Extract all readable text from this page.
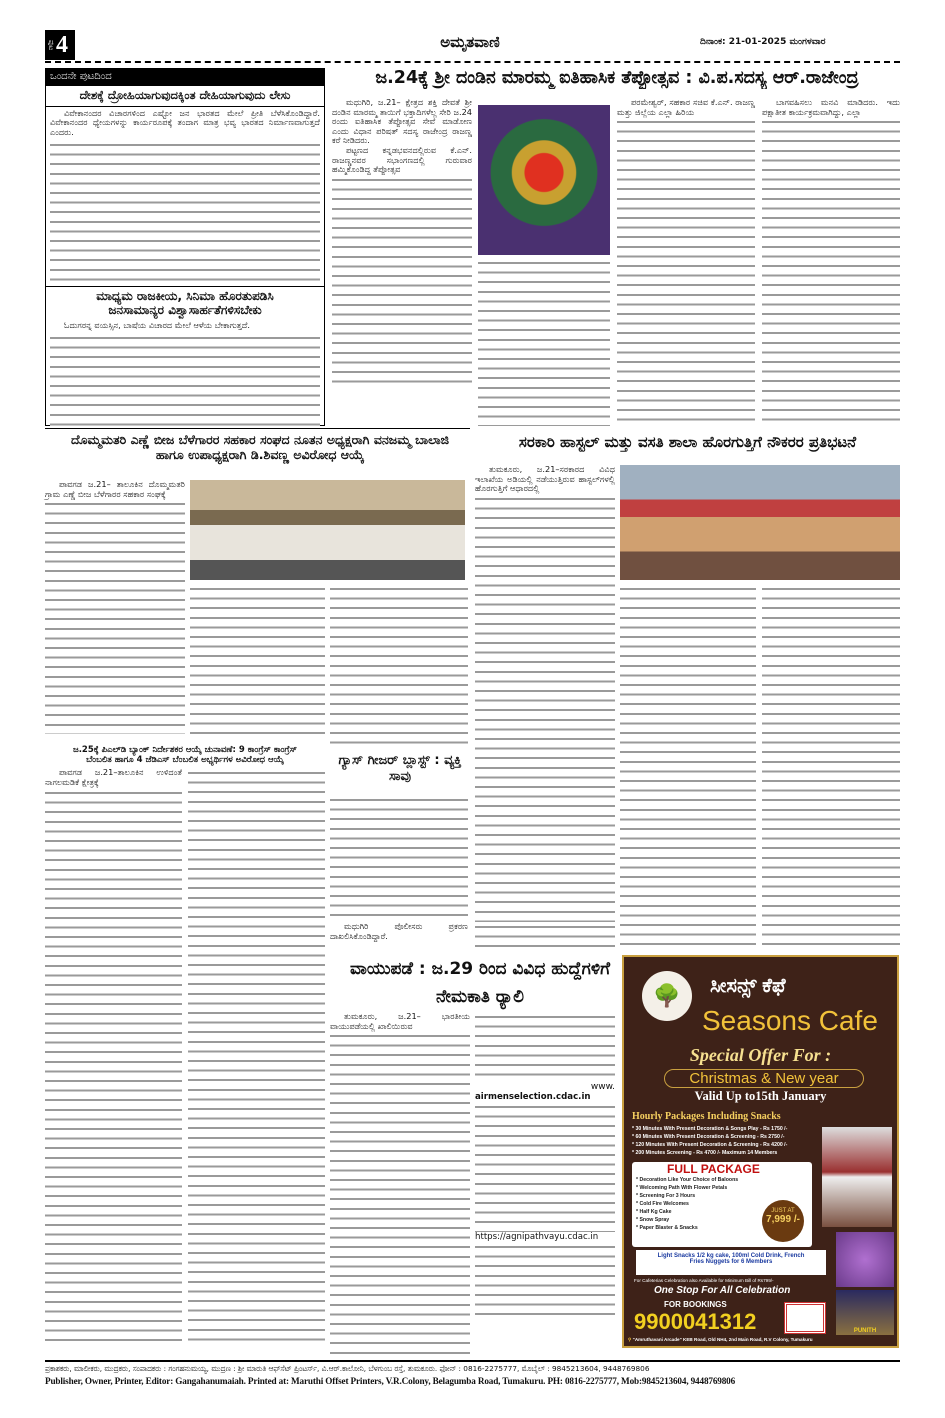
ಪುಟ 4	ಅಮೃತವಾಣಿ	ದಿನಾಂಕ: 21-01-2025 ಮಂಗಳವಾರ
ಒಂದನೇ ಪುಟದಿಂದ
ದೇಶಕ್ಕೆ ದ್ರೋಹಿಯಾಗುವುದಕ್ಕಿಂತ ದೇಹಿಯಾಗುವುದು ಲೇಸು
ವಿವೇಕಾನಂದರ ವಿಚಾರಗಳಿಂದ ಎಷ್ಟೋ ಜನ ಭಾರತದ ಮೇಲೆ ಪ್ರೀತಿ ಬೆಳೆಸಿಕೊಂಡಿದ್ದಾರೆ. ವಿವೇಕಾನಂದರ ಧ್ಯೇಯಗಳನ್ನು ಕಾರ್ಯರೂಪಕ್ಕೆ ತಂದಾಗ ಮಾತ್ರ ಭವ್ಯ ಭಾರತದ ನಿರ್ಮಾಣವಾಗುತ್ತದೆ ಎಂದರು.
ಮಾಧ್ಯಮ ರಾಜಕೀಯ, ಸಿನಿಮಾ ಹೊರತುಪಡಿಸಿ ಜನಸಾಮಾನ್ಯರ ವಿಶ್ವಾಸಾರ್ಹತೆಗಳಿಸಬೇಕು
ಓದುಗರನ್ನ ವಯಸ್ಸಿನ, ಬಾಷೆಯ ವಿಚಾರದ ಮೇಲೆ ಆಳೆಯ ಬೇಕಾಗುತ್ತದೆ.
ಜ.24ಕ್ಕೆ ಶ್ರೀ ದಂಡಿನ ಮಾರಮ್ಮ ಐತಿಹಾಸಿಕ ತೆಪ್ಪೋತ್ಸವ : ವಿ.ಪ.ಸದಸ್ಯ ಆರ್.ರಾಜೇಂದ್ರ
ಮಧುಗಿರಿ, ಜ.21– ಕ್ಷೇತ್ರದ ಶಕ್ತಿ ದೇವತೆ ಶ್ರೀ ದಂಡಿನ ಮಾರಮ್ಮ ತಾಯಿಗೆ ಭಕ್ತಾದಿಗಳೆಲ್ಲ ಸೇರಿ ಜ.24 ರಂದು ಐತಿಹಾಸಿಕ ತೆಪ್ಪೋತ್ಸವ ಸೇವೆ ಮಾಡೋಣ ಎಂದು ವಿಧಾನ ಪರಿಷತ್ ಸದಸ್ಯ ರಾಜೇಂದ್ರ ರಾಜಣ್ಣ ಕರೆ ನೀಡಿದರು.
ಪಟ್ಟಣದ ಕನ್ನಡಭವನದಲ್ಲಿರುವ ಕೆ.ಎನ್. ರಾಜಣ್ಣನವರ ಸಭಾಂಗಣದಲ್ಲಿ ಗುರುವಾರ ಹಮ್ಮಿಕೊಂಡಿದ್ದ ತೆಪ್ಪೋತ್ಸವ
ಪರಮೇಶ್ವರ್, ಸಹಕಾರ ಸಚಿವ ಕೆ.ಎನ್. ರಾಜಣ್ಣ ಮತ್ತು ಜಿಲ್ಲೆಯ ಎಲ್ಲಾ ಹಿರಿಯ
ಬಾಗವಹಿಸಲು ಮನವಿ ಮಾಡಿದರು. ಇದು ಪಕ್ಷಾತೀತ ಕಾರ್ಯಕ್ರಮವಾಗಿದ್ದು, ಎಲ್ಲಾ
ದೊಮ್ಮಮತರಿ ಎಣ್ಣೆ ಬೀಜ ಬೆಳೆಗಾರರ ಸಹಕಾರ ಸಂಘದ ನೂತನ ಅಧ್ಯಕ್ಷರಾಗಿ ವನಜಮ್ಮ ಬಾಲಾಜಿ ಹಾಗೂ ಉಪಾಧ್ಯಕ್ಷರಾಗಿ ಡಿ.ಶಿವಣ್ಣ ಅವಿರೋಧ ಆಯ್ಕೆ
ಪಾವಗಡ ಜ.21– ತಾಲೂಕಿನ ದೊಮ್ಮಮತರಿ ಗ್ರಾಮ ಎಣ್ಣೆ ಬೀಜ ಬೆಳೆಗಾರರ ಸಹಕಾರ ಸಂಘಕ್ಕೆ
ಸರಕಾರಿ ಹಾಸ್ಟಲ್ ಮತ್ತು ವಸತಿ ಶಾಲಾ ಹೊರಗುತ್ತಿಗೆ ನೌಕರರ ಪ್ರತಿಭಟನೆ
ತುಮಕೂರು, ಜ.21–ಸರಕಾರದ ವಿವಿಧ ಇಲಾಖೆಯ ಅಡಿಯಲ್ಲಿ ನಡೆಯುತ್ತಿರುವ ಹಾಸ್ಟಲ್‌ಗಳಲ್ಲಿ ಹೊರಗುತ್ತಿಗೆ ಆಧಾರದಲ್ಲಿ
ಜ.25ಕ್ಕೆ ಪಿಎಲ್‌ಡಿ ಬ್ಯಾಂಕ್ ನಿರ್ದೇಶಕರ ಆಯ್ಕೆ ಚುನಾವಣೆ: 9 ಕಾಂಗ್ರೆಸ್ ಕಾಂಗ್ರೆಸ್
ಬೆಂಬಲಿತ ಹಾಗೂ 4 ಜೆಡಿಎಸ್ ಬೆಂಬಲಿತ ಅಭ್ಯರ್ಥಿಗಳ ಅವಿರೋಧ ಆಯ್ಕೆ
ಪಾವಗಡ ಜ.21–ತಾಲೂಕಿನ ಉಳಿದಂತೆ ನಾಗಲಮಡಿಕೆ ಕ್ಷೇತ್ರಕ್ಕೆ
ಗ್ಯಾಸ್ ಗೀಜರ್ ಬ್ಲಾಸ್ಟ್ : ವ್ಯಕ್ತಿ ಸಾವು
ಮಧುಗಿರಿ ಪೊಲೀಸರು ಪ್ರಕರಣ ದಾಖಲಿಸಿಕೊಂಡಿದ್ದಾರೆ.
ವಾಯುಪಡೆ : ಜ.29 ರಿಂದ ವಿವಿಧ ಹುದ್ದೆಗಳಿಗೆ ನೇಮಕಾತಿ ರ್‍ಯಾಲಿ
ತುಮಕೂರು, ಜ.21– ಭಾರತೀಯ ವಾಯುಪಡೆಯಲ್ಲಿ ಖಾಲಿಯಿರುವ
www.
airmenselection.cdac.in
https://agnipathvayu.cdac.in
🌳	ಸೀಸನ್ಸ್ ಕೆಫೆ
Seasons Cafe
Special Offer For :
Christmas & New year
Valid Up to15th January
Hourly Packages Including Snacks
* 30 Minutes With Present Decoration & Songs Play - Rs 1750 /-
* 60 Minutes With Present Decoration & Screening - Rs 2750 /-
* 120 Minutes With Present Decoration & Screening - Rs 4200 /-
* 200 Minutes Screening - Rs 4700 /- Maximum 14 Members
FULL PACKAGE
* Decoration Like Your Choice of Baloons
* Welcoming Path With Flower Petals
* Screening For 3 Hours
* Cold Fire Welcomes
* Half Kg Cake
* Snow Spray
* Paper Blaster & Snacks
JUST AT
7,999 /-
Light Snacks 1/2 kg cake, 100ml Cold Drink, French Fries Nuggets for 6 Members
For Cafeterias Celebration also Available for Minimum Bill of Rs799/-
One Stop For All Celebration
FOR BOOKINGS
9900041312	PUNITH
⚲ "Amruthavani Arcade" KEB Road, Old NH4, 2nd Main Road, R.V Colony, Tumakuru
ಪ್ರಕಾಶಕರು, ಮಾಲೀಕರು, ಮುದ್ರಕರು, ಸಂಪಾದಕರು : ಗಂಗಹನುಮಯ್ಯ, ಮುದ್ರಣ : ಶ್ರೀ ಮಾರುತಿ ಆಫ್‌ಸೆಟ್ ಪ್ರಿಂಟರ್ಸ್, ವಿ.ಆರ್.ಕಾಲೋನಿ, ಬೆಳಗುಂಬ ರಸ್ತೆ, ತುಮಕೂರು. ಫೋನ್ : 0816-2275777, ಮೊಬೈಲ್ : 9845213604, 9448769806
Publisher, Owner, Printer, Editor: Gangahanumaiah. Printed at: Maruthi Offset Printers, V.R.Colony, Belagumba Road, Tumakuru. PH: 0816-2275777, Mob:9845213604, 9448769806
